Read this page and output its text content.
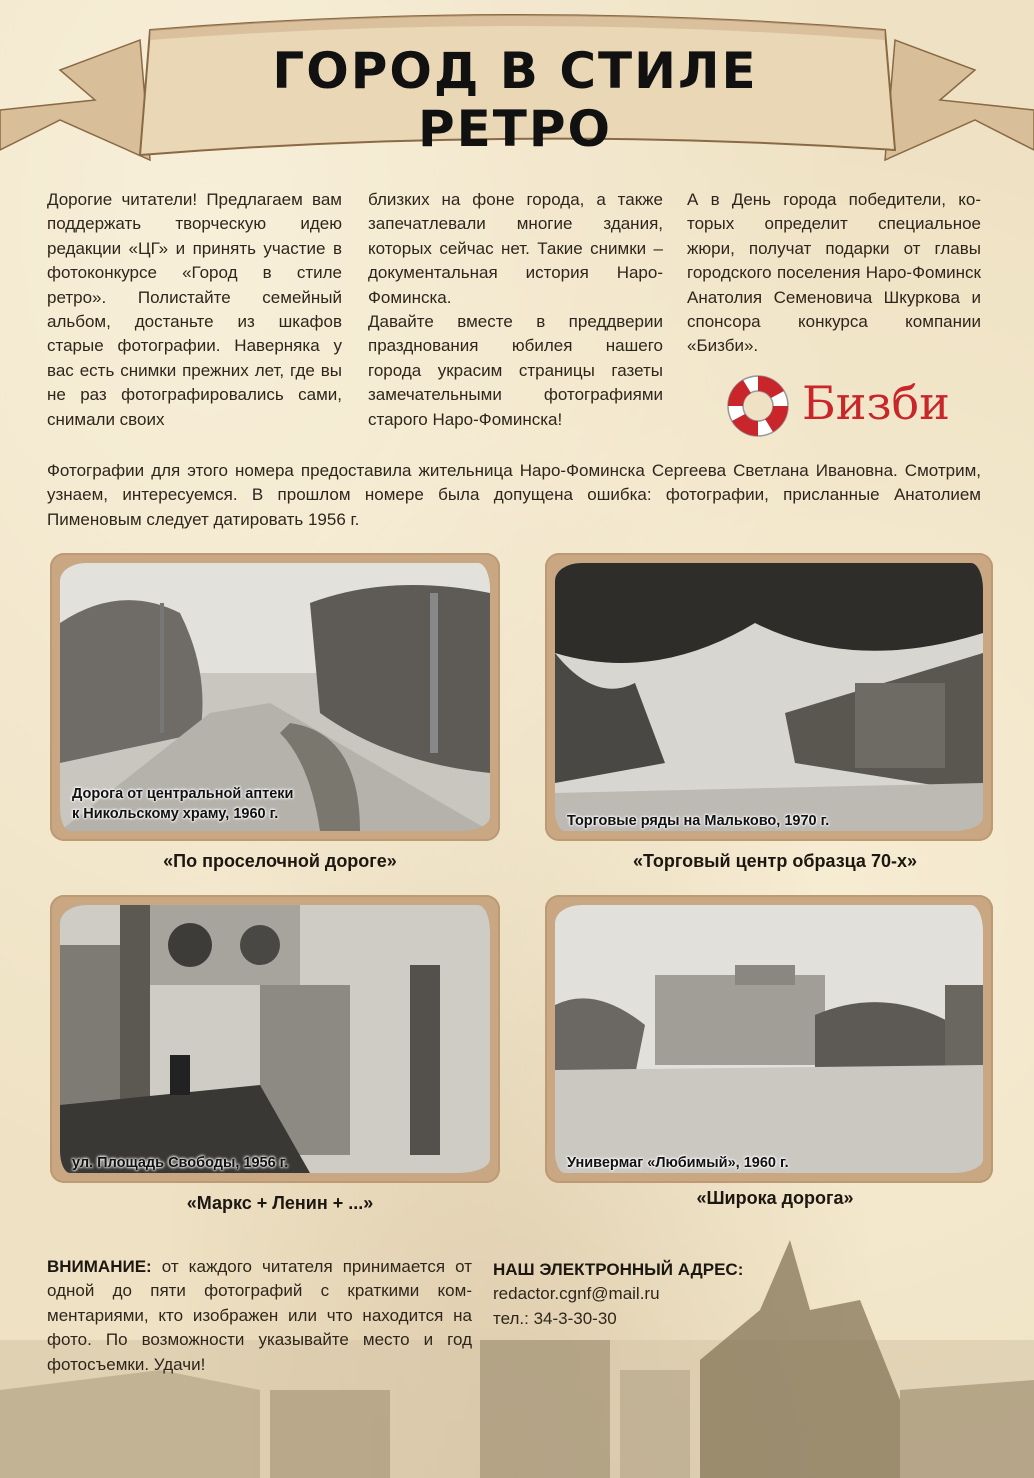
ГОРОД В СТИЛЕ РЕТРО

Дорогие читатели! Предлагаем вам поддержать творческую идею редакции «ЦГ» и принять участие в фотоконкурсе «Город в стиле ретро». Полистайте семейный альбом, достаньте из шкафов старые фотографии. Наверняка у вас есть снимки прежних лет, где вы не раз фотографировались сами, снимали своих

близких на фоне города, а также запечатлевали многие здания, которых сейчас нет. Такие снимки – документальная история Наро-Фоминска.

Давайте вместе в преддверии празднования юбилея нашего города украсим страницы газеты замечательными фотографиями старого Наро-Фоминска!

А в День города победители, которых определит специальное жюри, получат подарки от главы городского поселения Наро-Фоминск Анатолия Семеновича Шкуркова и спонсора конкурса компании «Бизби».

Бизби
Фотографии для этого номера предоставила жительница Наро-Фоминска Сергеева Светлана Ивановна. Смотрим, узнаем, интересуемся. В прошлом номере была допущена ошибка: фотографии, присланные Анатолием Пименовым следует датировать 1956 г.
Дорога от центральной аптеки
к Никольскому храму, 1960 г.
«По проселочной дороге»
Торговые ряды на Мальково, 1970 г.
«Торговый центр образца 70-х»
ул. Площадь Свободы, 1956 г.
«Маркс + Ленин + ...»
Универмаг «Любимый», 1960 г.
«Широка дорога»
ВНИМАНИЕ: от каждого читателя принимается от одной до пяти фотографий с краткими комментариями, кто изображен или что находится на фото. По возможности указывайте место и год фотосъемки. Удачи!
НАШ ЭЛЕКТРОННЫЙ АДРЕС:
redactor.cgnf@mail.ru
тел.: 34-3-30-30
